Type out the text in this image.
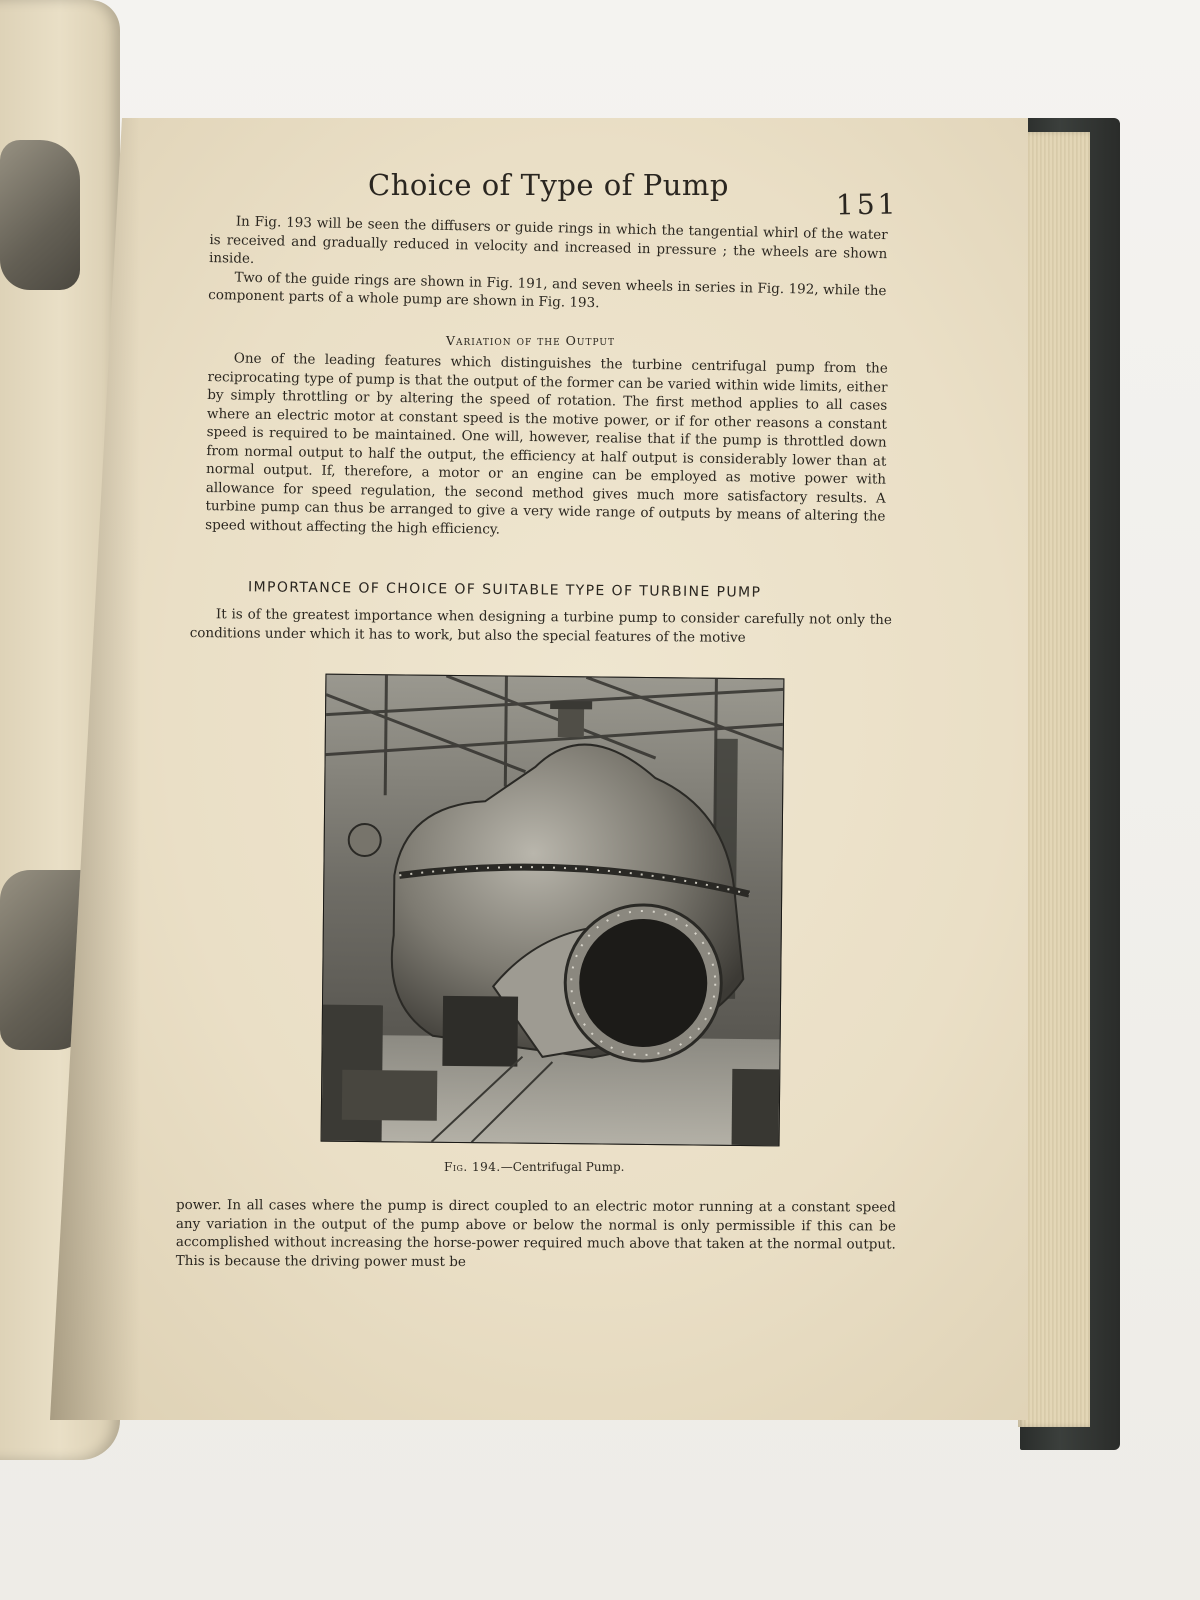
Choice of Type of Pump
151

In Fig. 193 will be seen the diffusers or guide rings in which the tangential whirl of the water is received and gradually reduced in velocity and increased in pressure ; the wheels are shown inside.

Two of the guide rings are shown in Fig. 191, and seven wheels in series in Fig. 192, while the component parts of a whole pump are shown in Fig. 193.

Variation of the Output

One of the leading features which distinguishes the turbine centrifugal pump from the reciprocating type of pump is that the output of the former can be varied within wide limits, either by simply throttling or by altering the speed of rotation. The first method applies to all cases where an electric motor at constant speed is the motive power, or if for other reasons a constant speed is required to be maintained. One will, however, realise that if the pump is throttled down from normal output to half the output, the efficiency at half output is considerably lower than at normal output. If, therefore, a motor or an engine can be employed as motive power with allowance for speed regulation, the second method gives much more satisfactory results. A turbine pump can thus be arranged to give a very wide range of outputs by means of altering the speed without affecting the high efficiency.

IMPORTANCE OF CHOICE OF SUITABLE TYPE OF TURBINE PUMP

It is of the greatest importance when designing a turbine pump to consider carefully not only the conditions under which it has to work, but also the special features of the motive

Fig. 194.—Centrifugal Pump.

power. In all cases where the pump is direct coupled to an electric motor running at a constant speed any variation in the output of the pump above or below the normal is only permissible if this can be accomplished without increasing the horse-power required much above that taken at the normal output. This is because the driving power must be
